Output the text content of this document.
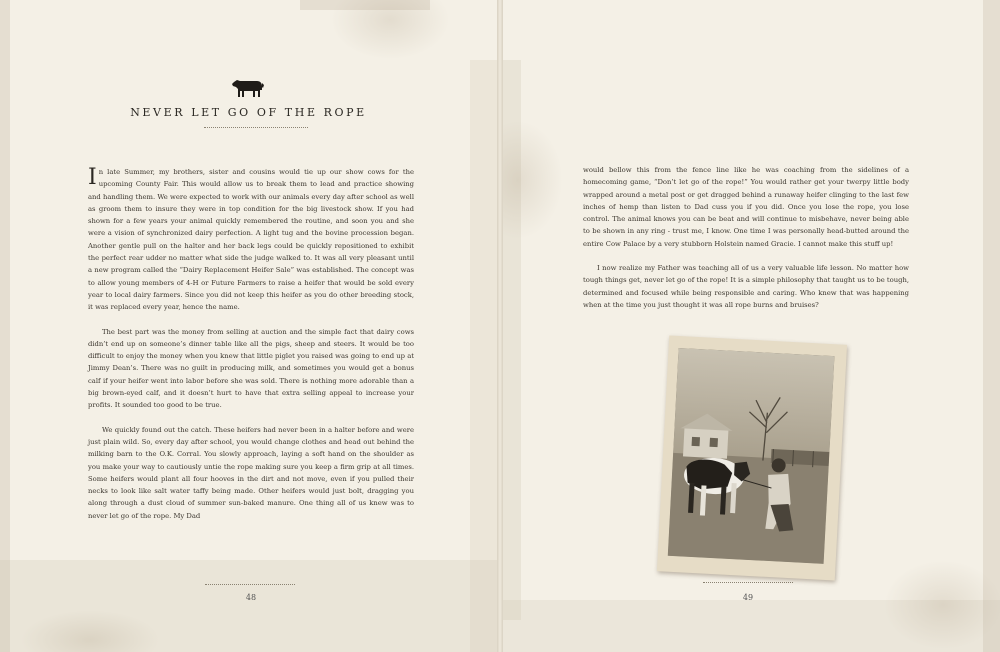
NEVER LET GO OF THE ROPE

In late Summer, my brothers, sister and cousins would tie up our show cows for the upcoming County Fair. This would allow us to break them to lead and practice showing and handling them. We were expected to work with our animals every day after school as well as groom them to insure they were in top condition for the big livestock show. If you had shown for a few years your animal quickly remembered the routine, and soon you and she were a vision of synchronized dairy perfection. A light tug and the bovine procession began. Another gentle pull on the halter and her back legs could be quickly repositioned to exhibit the perfect rear udder no matter what side the judge walked to. It was all very pleasant until a new program called the “Dairy Replacement Heifer Sale” was established. The concept was to allow young members of 4-H or Future Farmers to raise a heifer that would be sold every year to local dairy farmers. Since you did not keep this heifer as you do other breeding stock, it was replaced every year, hence the name.

The best part was the money from selling at auction and the simple fact that dairy cows didn’t end up on someone’s dinner table like all the pigs, sheep and steers. It would be too difficult to enjoy the money when you knew that little piglet you raised was going to end up at Jimmy Dean’s. There was no guilt in producing milk, and sometimes you would get a bonus calf if your heifer went into labor before she was sold. There is nothing more adorable than a big brown-eyed calf, and it doesn’t hurt to have that extra selling appeal to increase your profits. It sounded too good to be true.

We quickly found out the catch. These heifers had never been in a halter before and were just plain wild. So, every day after school, you would change clothes and head out behind the milking barn to the O.K. Corral. You slowly approach, laying a soft hand on the shoulder as you make your way to cautiously untie the rope making sure you keep a firm grip at all times. Some heifers would plant all four hooves in the dirt and not move, even if you pulled their necks to look like salt water taffy being made. Other heifers would just bolt, dragging you along through a dust cloud of summer sun-baked manure. One thing all of us knew was to never let go of the rope. My Dad

48

would bellow this from the fence line like he was coaching from the sidelines of a homecoming game, “Don’t let go of the rope!” You would rather get your twerpy little body wrapped around a metal post or get dragged behind a runaway heifer clinging to the last few inches of hemp than listen to Dad cuss you if you did. Once you lose the rope, you lose control. The animal knows you can be beat and will continue to misbehave, never being able to be shown in any ring - trust me, I know. One time I was personally head-butted around the entire Cow Palace by a very stubborn Holstein named Gracie. I cannot make this stuff up!

I now realize my Father was teaching all of us a very valuable life lesson. No matter how tough things get, never let go of the rope! It is a simple philosophy that taught us to be tough, determined and focused while being responsible and caring. Who knew that was happening when at the time you just thought it was all rope burns and bruises?

49
